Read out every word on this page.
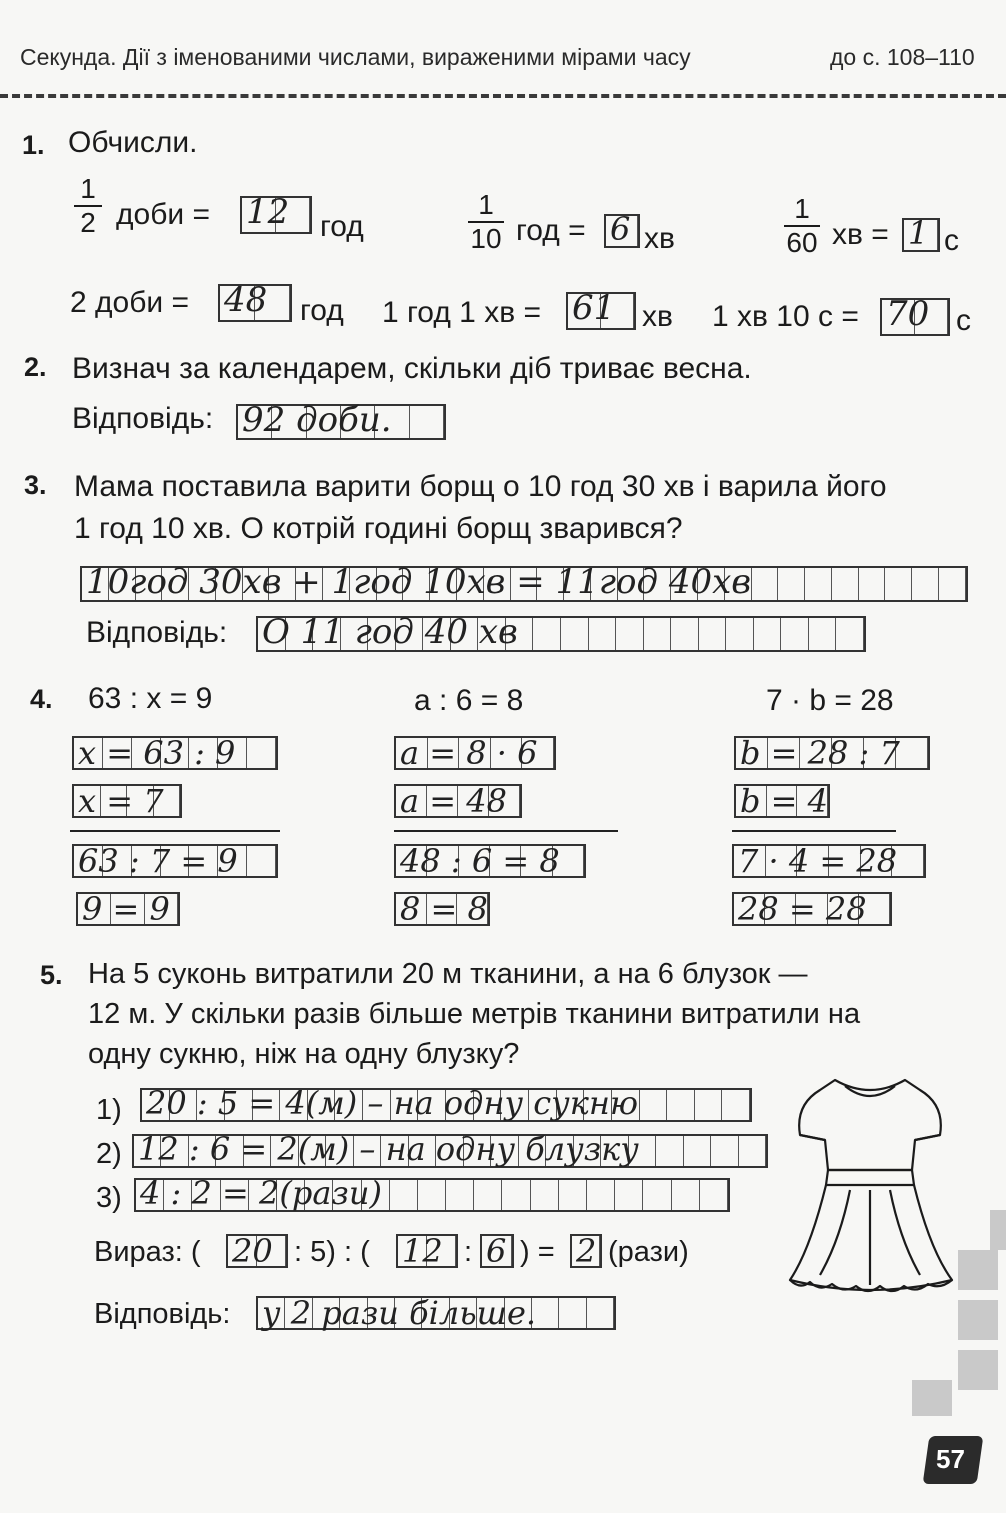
Секунда. Дії з іменованими числами, вираженими мірами часу	до с. 108–110
1. Обчисли.
1
2 доби = 12 год
1
10 год = 6 хв
1
60 хв = 1 с
2 доби = 48 год 1 год 1 хв = 61 хв 1 хв 10 с = 70 с
2. Визнач за календарем, скільки діб триває весна.
Відповідь: 92 доби.
3. Мама поставила варити борщ о 10 год 30 хв і варила його
1 год 10 хв. О котрій годині борщ зварився?
10год 30хв + 1год 10хв = 11год 40хв
Відповідь: О 11 год 40 хв
4. 63 : x = 9	a : 6 = 8	7 · b = 28
x = 63 : 9
x = 7
63 : 7 = 9
9 = 9
a = 8 · 6
a = 48
48 : 6 = 8
8 = 8
b = 28 : 7
b = 4
7 · 4 = 28
28 = 28
5. На 5 суконь витратили 20 м тканини, а на 6 блузок —
12 м. У скільки разів більше метрів тканини витратили на
одну сукню, ніж на одну блузку?
1) 20 : 5 = 4(м) – на одну сукню
2) 12 : 6 = 2(м) – на одну блузку
3) 4 : 2 = 2(рази)
Вираз: ( 20 : 5) : ( 12 : 6 ) = 2 (рази)
Відповідь: у 2 рази більше.
57
